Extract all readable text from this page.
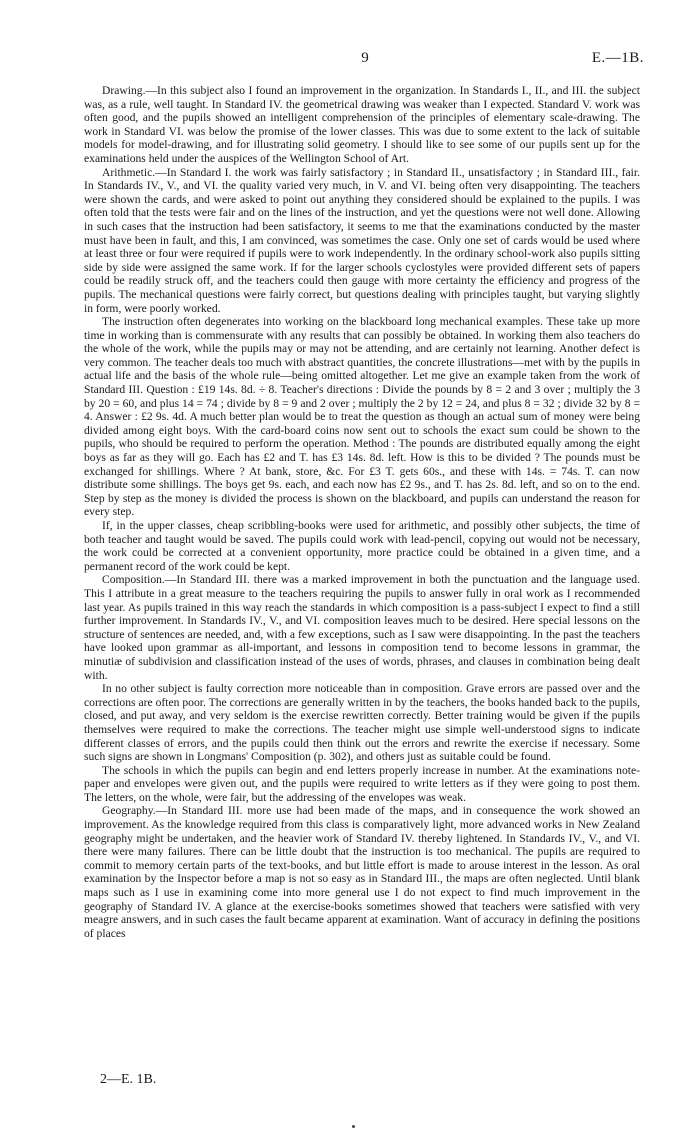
9	E.—1B.

Drawing.—In this subject also I found an improvement in the organization. In Standards I., II., and III. the subject was, as a rule, well taught. In Standard IV. the geometrical drawing was weaker than I expected. Standard V. work was often good, and the pupils showed an intelligent comprehension of the principles of elementary scale-drawing. The work in Standard VI. was below the promise of the lower classes. This was due to some extent to the lack of suitable models for model-drawing, and for illustrating solid geometry. I should like to see some of our pupils sent up for the examinations held under the auspices of the Wellington School of Art.

Arithmetic.—In Standard I. the work was fairly satisfactory ; in Standard II., unsatisfactory ; in Standard III., fair. In Standards IV., V., and VI. the quality varied very much, in V. and VI. being often very disappointing. The teachers were shown the cards, and were asked to point out anything they considered should be explained to the pupils. I was often told that the tests were fair and on the lines of the instruction, and yet the questions were not well done. Allowing in such cases that the instruction had been satisfactory, it seems to me that the examinations conducted by the master must have been in fault, and this, I am convinced, was sometimes the case. Only one set of cards would be used where at least three or four were required if pupils were to work independently. In the ordinary school-work also pupils sitting side by side were assigned the same work. If for the larger schools cyclostyles were provided different sets of papers could be readily struck off, and the teachers could then gauge with more certainty the efficiency and progress of the pupils. The mechanical questions were fairly correct, but questions dealing with principles taught, but varying slightly in form, were poorly worked.

The instruction often degenerates into working on the blackboard long mechanical examples. These take up more time in working than is commensurate with any results that can possibly be obtained. In working them also teachers do the whole of the work, while the pupils may or may not be attending, and are certainly not learning. Another defect is very common. The teacher deals too much with abstract quantities, the concrete illustrations—met with by the pupils in actual life and the basis of the whole rule—being omitted altogether. Let me give an example taken from the work of Standard III. Question : £19 14s. 8d. ÷ 8. Teacher's directions : Divide the pounds by 8 = 2 and 3 over ; multiply the 3 by 20 = 60, and plus 14 = 74 ; divide by 8 = 9 and 2 over ; multiply the 2 by 12 = 24, and plus 8 = 32 ; divide 32 by 8 = 4. Answer : £2 9s. 4d. A much better plan would be to treat the question as though an actual sum of money were being divided among eight boys. With the card-board coins now sent out to schools the exact sum could be shown to the pupils, who should be required to perform the operation. Method : The pounds are distributed equally among the eight boys as far as they will go. Each has £2 and T. has £3 14s. 8d. left. How is this to be divided ? The pounds must be exchanged for shillings. Where ? At bank, store, &c. For £3 T. gets 60s., and these with 14s. = 74s. T. can now distribute some shillings. The boys get 9s. each, and each now has £2 9s., and T. has 2s. 8d. left, and so on to the end. Step by step as the money is divided the process is shown on the blackboard, and pupils can understand the reason for every step.

If, in the upper classes, cheap scribbling-books were used for arithmetic, and possibly other subjects, the time of both teacher and taught would be saved. The pupils could work with lead-pencil, copying out would not be necessary, the work could be corrected at a convenient opportunity, more practice could be obtained in a given time, and a permanent record of the work could be kept.

Composition.—In Standard III. there was a marked improvement in both the punctuation and the language used. This I attribute in a great measure to the teachers requiring the pupils to answer fully in oral work as I recommended last year. As pupils trained in this way reach the standards in which composition is a pass-subject I expect to find a still further improvement. In Standards IV., V., and VI. composition leaves much to be desired. Here special lessons on the structure of sentences are needed, and, with a few exceptions, such as I saw were disappointing. In the past the teachers have looked upon grammar as all-important, and lessons in composition tend to become lessons in grammar, the minutiæ of subdivision and classification instead of the uses of words, phrases, and clauses in combination being dealt with.

In no other subject is faulty correction more noticeable than in composition. Grave errors are passed over and the corrections are often poor. The corrections are generally written in by the teachers, the books handed back to the pupils, closed, and put away, and very seldom is the exercise rewritten correctly. Better training would be given if the pupils themselves were required to make the corrections. The teacher might use simple well-understood signs to indicate different classes of errors, and the pupils could then think out the errors and rewrite the exercise if necessary. Some such signs are shown in Longmans' Composition (p. 302), and others just as suitable could be found.

The schools in which the pupils can begin and end letters properly increase in number. At the examinations note-paper and envelopes were given out, and the pupils were required to write letters as if they were going to post them. The letters, on the whole, were fair, but the addressing of the envelopes was weak.

Geography.—In Standard III. more use had been made of the maps, and in consequence the work showed an improvement. As the knowledge required from this class is comparatively light, more advanced works in New Zealand geography might be undertaken, and the heavier work of Standard IV. thereby lightened. In Standards IV., V., and VI. there were many failures. There can be little doubt that the instruction is too mechanical. The pupils are required to commit to memory certain parts of the text-books, and but little effort is made to arouse interest in the lesson. As oral examination by the Inspector before a map is not so easy as in Standard III., the maps are often neglected. Until blank maps such as I use in examining come into more general use I do not expect to find much improvement in the geography of Standard IV. A glance at the exercise-books sometimes showed that teachers were satisfied with very meagre answers, and in such cases the fault became apparent at examination. Want of accuracy in defining the positions of places

2—E. 1B.
